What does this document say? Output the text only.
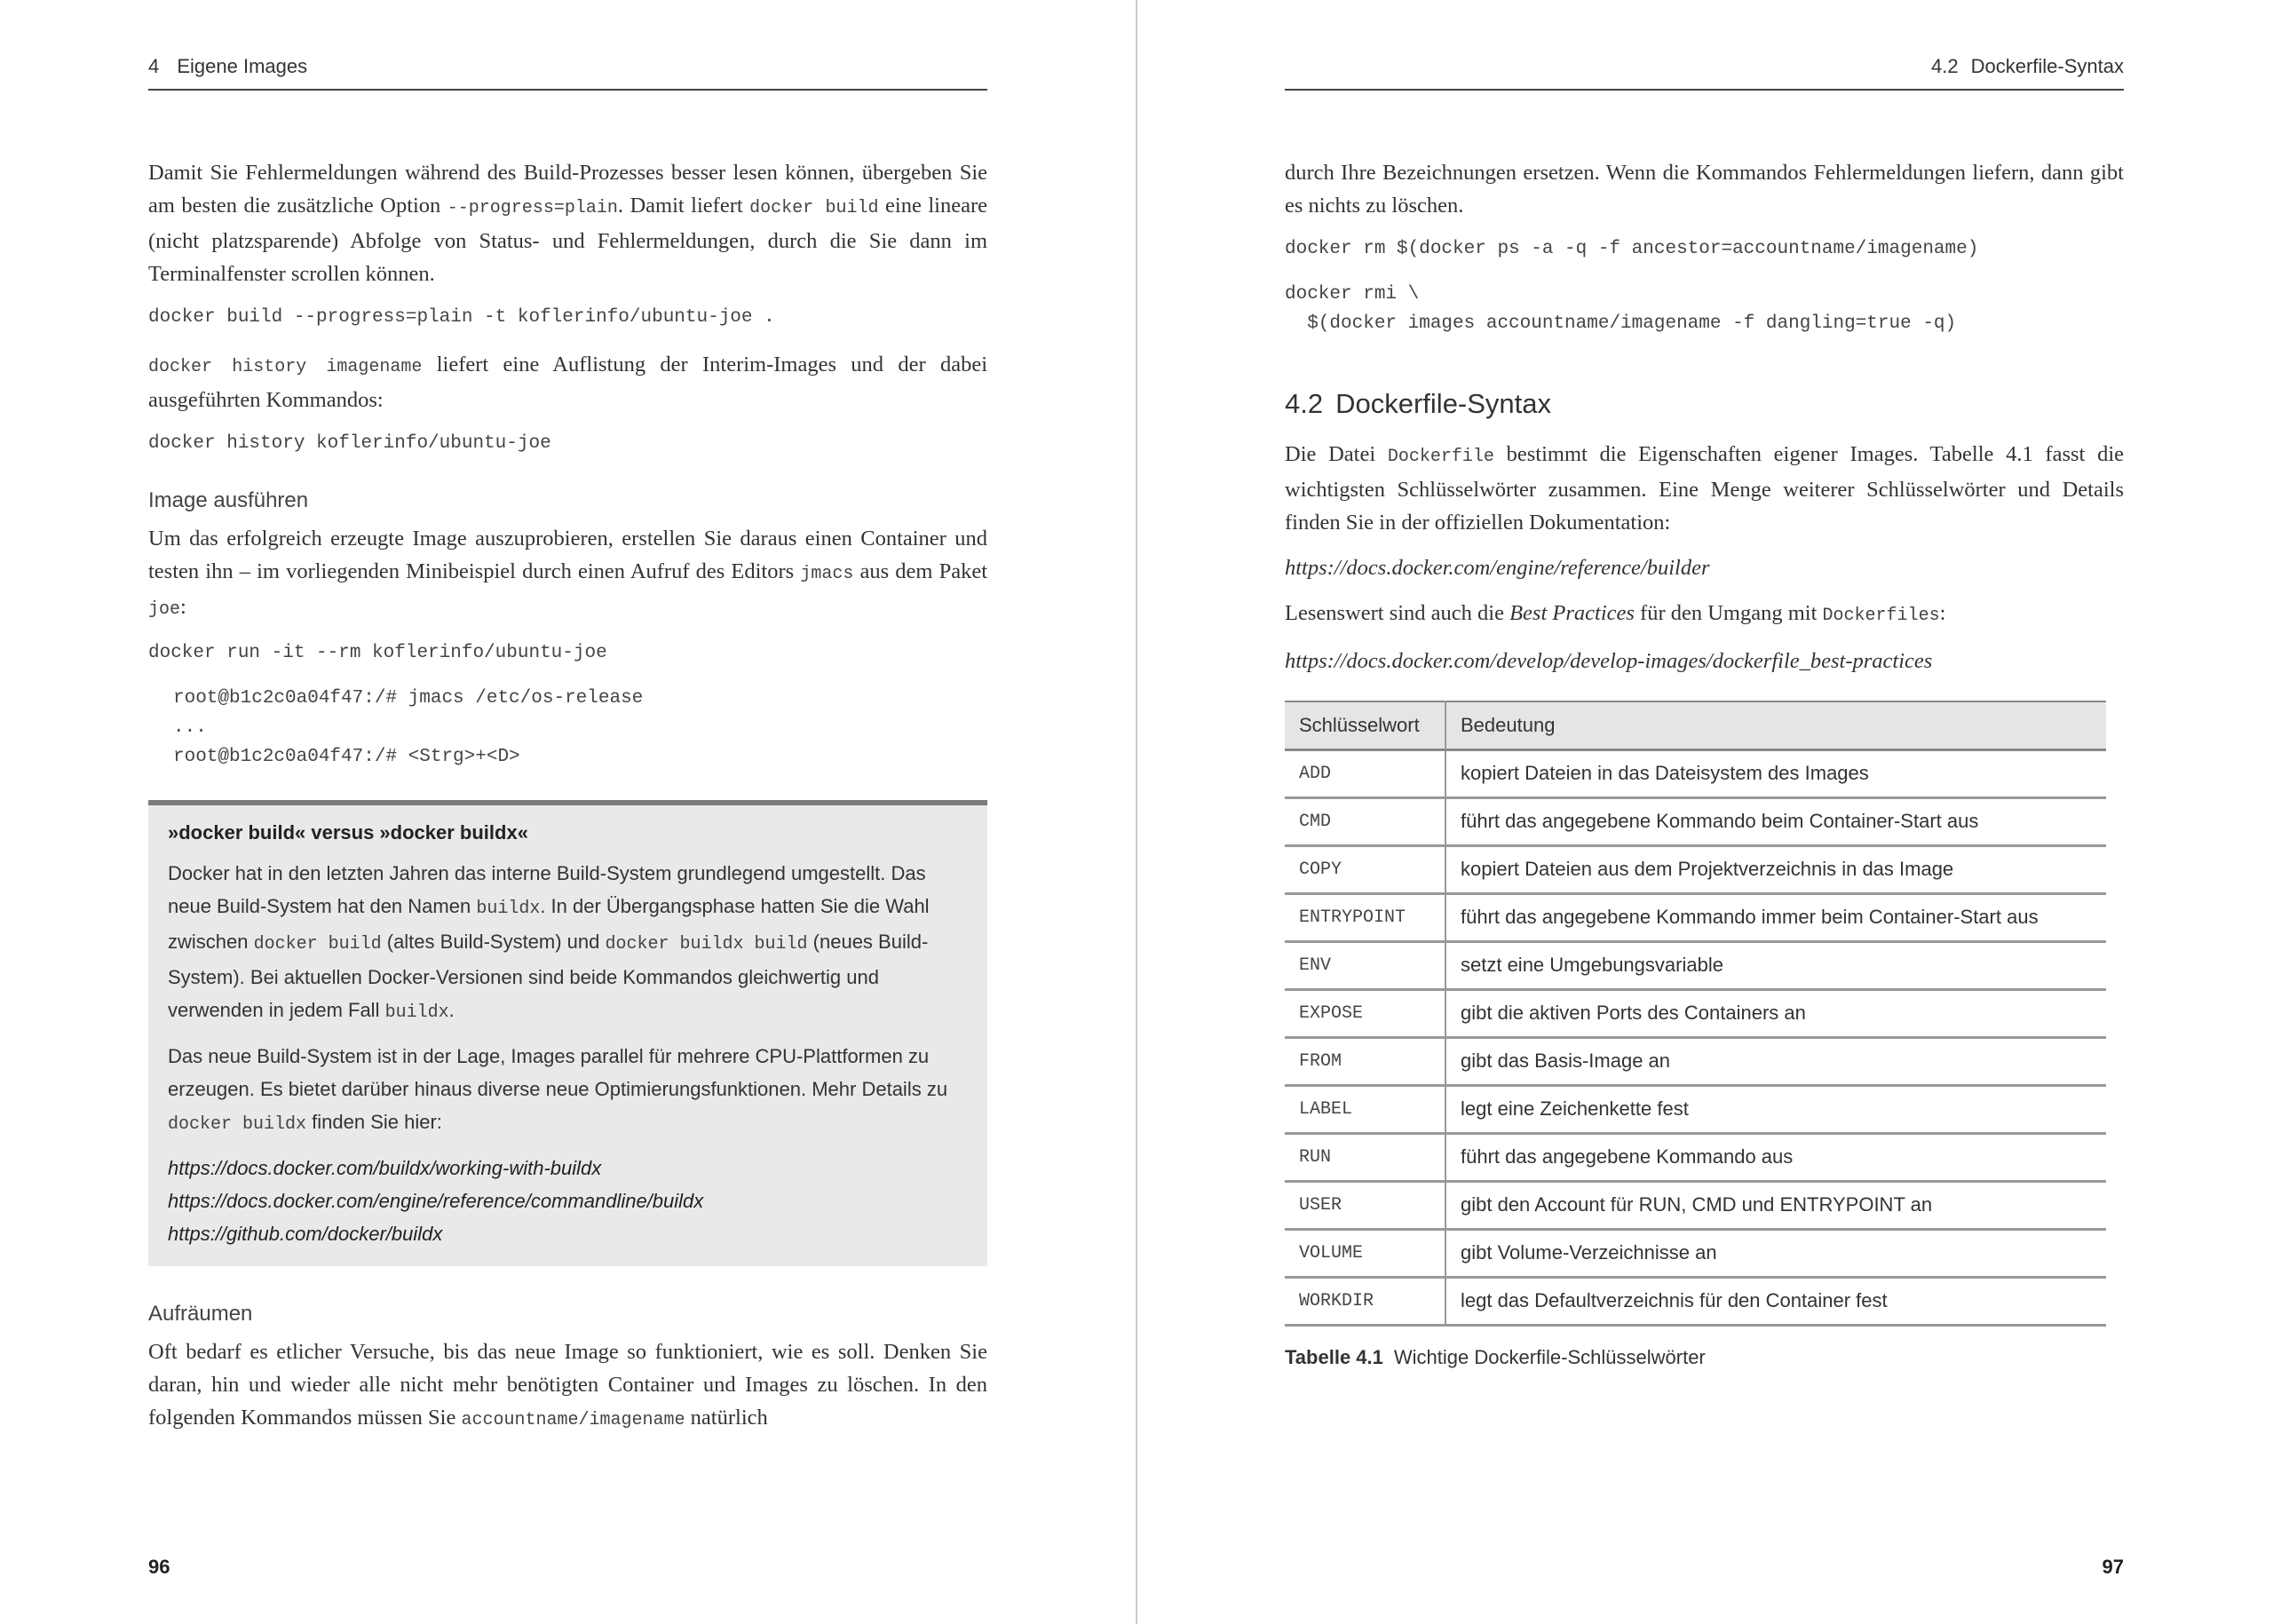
4 Eigene Images

Damit Sie Fehlermeldungen während des Build-Prozesses besser lesen können, übergeben Sie am besten die zusätzliche Option --progress=plain. Damit liefert docker build eine lineare (nicht platzsparende) Abfolge von Status- und Fehlermeldungen, durch die Sie dann im Terminalfenster scrollen können.

docker build --progress=plain -t koflerinfo/ubuntu-joe .

docker history imagename liefert eine Auflistung der Interim-Images und der dabei ausgeführten Kommandos:

docker history koflerinfo/ubuntu-joe
Image ausführen

Um das erfolgreich erzeugte Image auszuprobieren, erstellen Sie daraus einen Container und testen ihn – im vorliegenden Minibeispiel durch einen Aufruf des Editors jmacs aus dem Paket joe:

docker run -it --rm koflerinfo/ubuntu-joe
root@b1c2c0a04f47:/# jmacs /etc/os-release
...
root@b1c2c0a04f47:/# <Strg>+<D>
»docker build« versus »docker buildx«

Docker hat in den letzten Jahren das interne Build-System grundlegend umgestellt. Das neue Build-System hat den Namen buildx. In der Übergangsphase hatten Sie die Wahl zwischen docker build (altes Build-System) und docker buildx build (neues Build-System). Bei aktuellen Docker-Versionen sind beide Kommandos gleichwertig und verwenden in jedem Fall buildx.

Das neue Build-System ist in der Lage, Images parallel für mehrere CPU-Plattformen zu erzeugen. Es bietet darüber hinaus diverse neue Optimierungsfunktionen. Mehr Details zu docker buildx finden Sie hier:

https://docs.docker.com/buildx/working-with-buildx
https://docs.docker.com/engine/reference/commandline/buildx
https://github.com/docker/buildx
Aufräumen

Oft bedarf es etlicher Versuche, bis das neue Image so funktioniert, wie es soll. Denken Sie daran, hin und wieder alle nicht mehr benötigten Container und Images zu löschen. In den folgenden Kommandos müssen Sie accountname/imagename natürlich

96
4.2 Dockerfile-Syntax

durch Ihre Bezeichnungen ersetzen. Wenn die Kommandos Fehlermeldungen liefern, dann gibt es nichts zu löschen.

docker rm $(docker ps -a -q -f ancestor=accountname/imagename)
docker rmi \
$(docker images accountname/imagename -f dangling=true -q)
4.2 Dockerfile-Syntax

Die Datei Dockerfile bestimmt die Eigenschaften eigener Images. Tabelle 4.1 fasst die wichtigsten Schlüsselwörter zusammen. Eine Menge weiterer Schlüsselwörter und Details finden Sie in der offiziellen Dokumentation:

https://docs.docker.com/engine/reference/builder

Lesenswert sind auch die Best Practices für den Umgang mit Dockerfiles:

https://docs.docker.com/develop/develop-images/dockerfile_best-practices
Schlüsselwort	Bedeutung
ADD	kopiert Dateien in das Dateisystem des Images
CMD	führt das angegebene Kommando beim Container-Start aus
COPY	kopiert Dateien aus dem Projektverzeichnis in das Image
ENTRYPOINT	führt das angegebene Kommando immer beim Container-Start aus
ENV	setzt eine Umgebungsvariable
EXPOSE	gibt die aktiven Ports des Containers an
FROM	gibt das Basis-Image an
LABEL	legt eine Zeichenkette fest
RUN	führt das angegebene Kommando aus
USER	gibt den Account für RUN, CMD und ENTRYPOINT an
VOLUME	gibt Volume-Verzeichnisse an
WORKDIR	legt das Defaultverzeichnis für den Container fest
Tabelle 4.1 Wichtige Dockerfile-Schlüsselwörter
97
